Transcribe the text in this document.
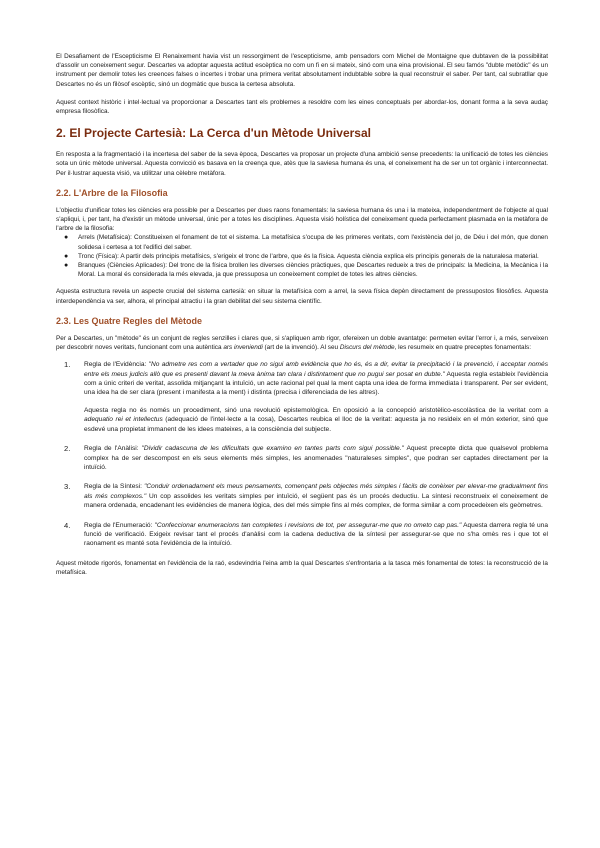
El Desafiament de l'Escepticisme El Renaixement havia vist un ressorgiment de l'escepticisme, amb pensadors com Michel de Montaigne que dubtaven de la possibilitat d'assolir un coneixement segur. Descartes va adoptar aquesta actitud escèptica no com un fi en si mateix, sinó com una eina provisional. El seu famós "dubte metòdic" és un instrument per demolir totes les creences falses o incertes i trobar una primera veritat absolutament indubtable sobre la qual reconstruir el saber. Per tant, cal subratllar que Descartes no és un filòsof escèptic, sinó un dogmàtic que busca la certesa absoluta.

Aquest context històric i intel·lectual va proporcionar a Descartes tant els problemes a resoldre com les eines conceptuals per abordar-los, donant forma a la seva audaç empresa filosòfica.

2. El Projecte Cartesià: La Cerca d'un Mètode Universal

En resposta a la fragmentació i la incertesa del saber de la seva època, Descartes va proposar un projecte d'una ambició sense precedents: la unificació de totes les ciències sota un únic mètode universal. Aquesta convicció es basava en la creença que, atès que la saviesa humana és una, el coneixement ha de ser un tot orgànic i interconnectat. Per il·lustrar aquesta visió, va utilitzar una cèlebre metàfora.

2.2. L'Arbre de la Filosofia

L'objectiu d'unificar totes les ciències era possible per a Descartes per dues raons fonamentals: la saviesa humana és una i la mateixa, independentment de l'objecte al qual s'apliqui, i, per tant, ha d'existir un mètode universal, únic per a totes les disciplines. Aquesta visió holística del coneixement queda perfectament plasmada en la metàfora de l'arbre de la filosofia:

● Arrels (Metafísica): Constitueixen el fonament de tot el sistema. La metafísica s'ocupa de les primeres veritats, com l'existència del jo, de Déu i del món, que donen solidesa i certesa a tot l'edifici del saber.
● Tronc (Física): A partir dels principis metafísics, s'erigeix el tronc de l'arbre, que és la física. Aquesta ciència explica els principis generals de la naturalesa material.
● Branques (Ciències Aplicades): Del tronc de la física brollen les diverses ciències pràctiques, que Descartes redueix a tres de principals: la Medicina, la Mecànica i la Moral. La moral és considerada la més elevada, ja que pressuposa un coneixement complet de totes les altres ciències.

Aquesta estructura revela un aspecte crucial del sistema cartesià: en situar la metafísica com a arrel, la seva física depèn directament de pressupostos filosòfics. Aquesta interdependència va ser, alhora, el principal atractiu i la gran debilitat del seu sistema científic.

2.3. Les Quatre Regles del Mètode

Per a Descartes, un "mètode" és un conjunt de regles senzilles i clares que, si s'apliquen amb rigor, ofereixen un doble avantatge: permeten evitar l'error i, a més, serveixen per descobrir noves veritats, funcionant com una autèntica ars inveniendi (art de la invenció). Al seu Discurs del mètode, les resumeix en quatre preceptes fonamentals:

1. Regla de l'Evidència: "No admetre res com a vertader que no sigui amb evidència que ho és, és a dir, evitar la precipitació i la prevenció, i acceptar només entre els meus judicis allò que es presenti davant la meva ànima tan clara i distintament que no pugui ser posat en dubte." Aquesta regla estableix l'evidència com a únic criteri de veritat, assolida mitjançant la intuïció, un acte racional pel qual la ment capta una idea de forma immediata i transparent. Per ser evident, una idea ha de ser clara (present i manifesta a la ment) i distinta (precisa i diferenciada de les altres).

Aquesta regla no és només un procediment, sinó una revolució epistemològica. En oposició a la concepció aristotèlico-escolàstica de la veritat com a adequatio rei et intellectus (adequació de l'intel·lecte a la cosa), Descartes reubica el lloc de la veritat: aquesta ja no resideix en el món exterior, sinó que esdevé una propietat immanent de les idees mateixes, a la consciència del subjecte.

2. Regla de l'Anàlisi: "Dividir cadascuna de les dificultats que examino en tantes parts com sigui possible." Aquest precepte dicta que qualsevol problema complex ha de ser descompost en els seus elements més simples, les anomenades "naturaleses simples", que podran ser captades directament per la intuïció.

3. Regla de la Síntesi: "Conduir ordenadament els meus pensaments, començant pels objectes més simples i fàcils de conèixer per elevar-me gradualment fins als més complexos." Un cop assolides les veritats simples per intuïció, el següent pas és un procés deductiu. La síntesi reconstrueix el coneixement de manera ordenada, encadenant les evidències de manera lògica, des del més simple fins al més complex, de forma similar a com procedeixen els geòmetres.

4. Regla de l'Enumeració: "Confeccionar enumeracions tan completes i revisions de tot, per assegurar-me que no ometo cap pas." Aquesta darrera regla té una funció de verificació. Exigeix revisar tant el procés d'anàlisi com la cadena deductiva de la síntesi per assegurar-se que no s'ha omès res i que tot el raonament es manté sota l'evidència de la intuïció.

Aquest mètode rigorós, fonamentat en l'evidència de la raó, esdevindria l'eina amb la qual Descartes s'enfrontaria a la tasca més fonamental de totes: la reconstrucció de la metafísica.
